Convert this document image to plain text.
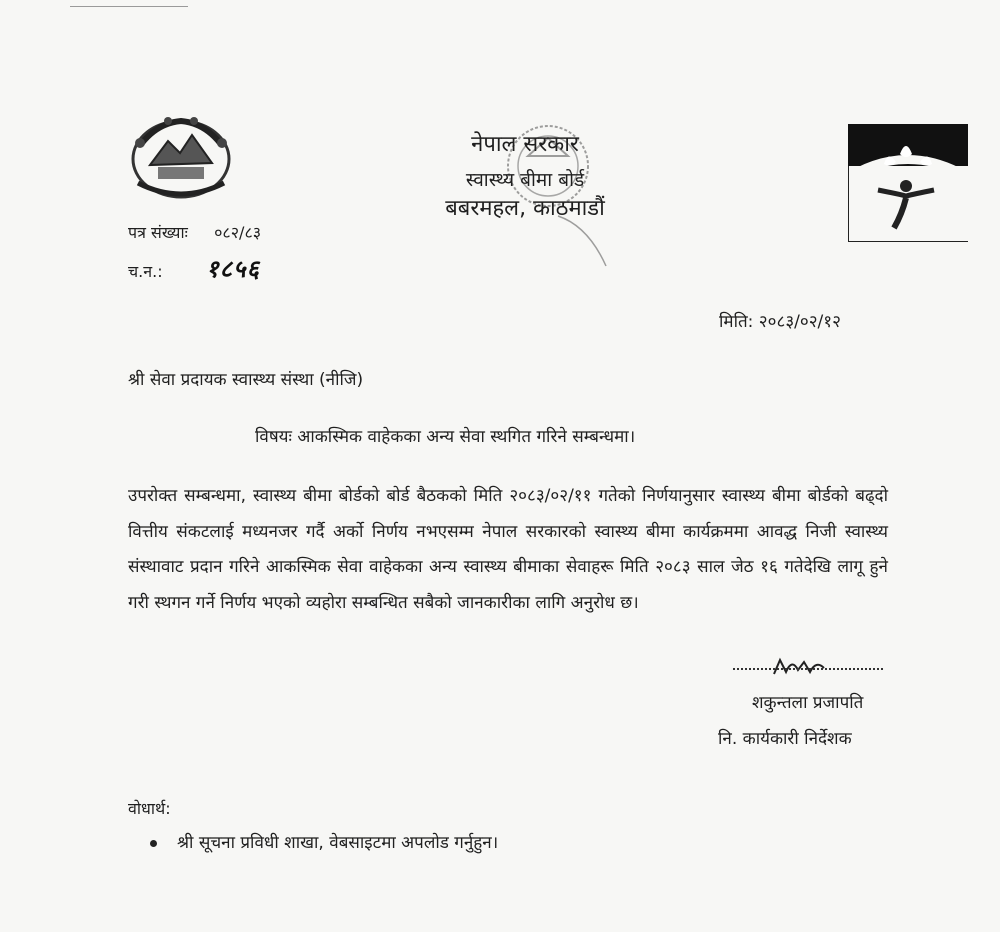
नेपाल सरकार
स्वास्थ्य बीमा बोर्ड
बबरमहल, काठमाडौं
पत्र संख्याः ०८२/८३
च.न.: १८५६
मिति: २०८३/०२/१२
श्री सेवा प्रदायक स्वास्थ्य संस्था (नीजि)
विषयः आकस्मिक वाहेकका अन्य सेवा स्थगित गरिने सम्बन्धमा।
उपरोक्त सम्बन्धमा, स्वास्थ्य बीमा बोर्डको बोर्ड बैठकको मिति २०८३/०२/११ गतेको निर्णयानुसार स्वास्थ्य बीमा बोर्डको बढ्दो वित्तीय संकटलाई मध्यनजर गर्दै अर्को निर्णय नभएसम्म नेपाल सरकारको स्वास्थ्य बीमा कार्यक्रममा आवद्ध निजी स्वास्थ्य संस्थावाट प्रदान गरिने आकस्मिक सेवा वाहेकका अन्य स्वास्थ्य बीमाका सेवाहरू मिति २०८३ साल जेठ १६ गतेदेखि लागू हुने गरी स्थगन गर्ने निर्णय भएको व्यहोरा सम्बन्धित सबैको जानकारीका लागि अनुरोध छ।
शकुन्तला प्रजापति
नि. कार्यकारी निर्देशक
वोधार्थ:
श्री सूचना प्रविधी शाखा, वेबसाइटमा अपलोड गर्नुहुन।
